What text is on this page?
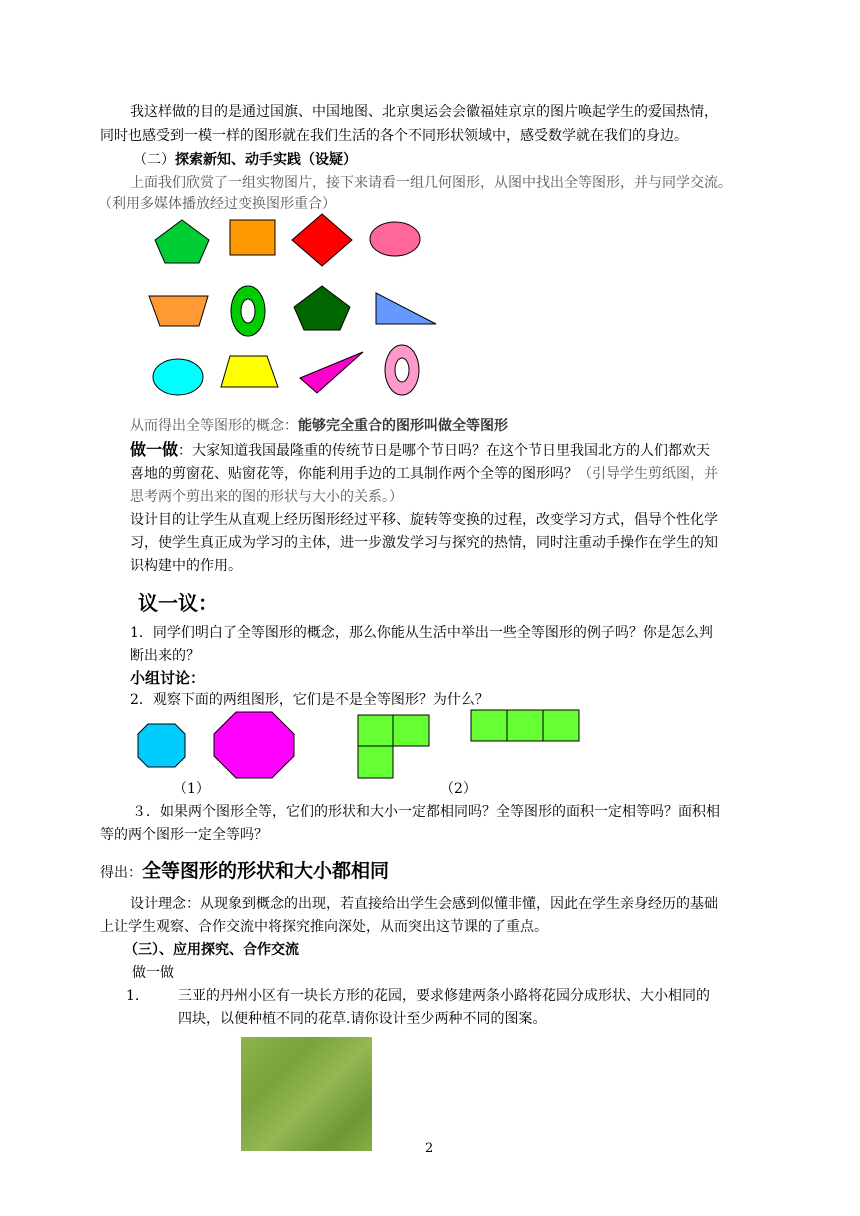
我这样做的目的是通过国旗、中国地图、北京奥运会会徽福娃京京的图片唤起学生的爱国热情，

同时也感受到一模一样的图形就在我们生活的各个不同形状领域中，感受数学就在我们的身边。

（二）探索新知、动手实践（设疑）

上面我们欣赏了一组实物图片，接下来请看一组几何图形，从图中找出全等图形，并与同学交流。

（利用多媒体播放经过变换图形重合）

从而得出全等图形的概念：能够完全重合的图形叫做全等图形

做一做：大家知道我国最隆重的传统节日是哪个节日吗？在这个节日里我国北方的人们都欢天

喜地的剪窗花、贴窗花等，你能利用手边的工具制作两个全等的图形吗？（引导学生剪纸图，并

思考两个剪出来的图的形状与大小的关系。）

设计目的让学生从直观上经历图形经过平移、旋转等变换的过程，改变学习方式，倡导个性化学

习，使学生真正成为学习的主体，进一步激发学习与探究的热情，同时注重动手操作在学生的知

识构建中的作用。

议一议：

1．同学们明白了全等图形的概念，那么你能从生活中举出一些全等图形的例子吗？你是怎么判

断出来的？

小组讨论：

2．观察下面的两组图形，它们是不是全等图形？为什么？

（1）	（2）

３．如果两个图形全等，它们的形状和大小一定都相同吗？全等图形的面积一定相等吗？面积相

等的两个图形一定全等吗？

得出：全等图形的形状和大小都相同

设计理念：从现象到概念的出现，若直接给出学生会感到似懂非懂，因此在学生亲身经历的基础

上让学生观察、合作交流中将探究推向深处，从而突出这节课的了重点。

（三）、应用探究、合作交流

做一做

1.	三亚的丹州小区有一块长方形的花园，要求修建两条小路将花园分成形状、大小相同的

四块，以便种植不同的花草.请你设计至少两种不同的图案。

2
